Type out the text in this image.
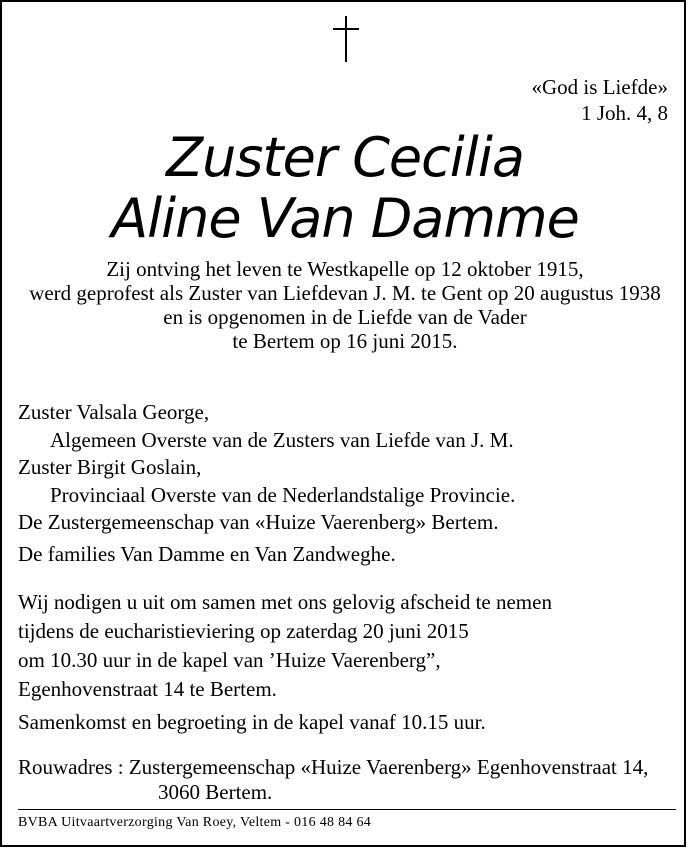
«God is Liefde»
1 Joh. 4, 8
Zuster Cecilia
Aline Van Damme
Zij ontving het leven te Westkapelle op 12 oktober 1915,
werd geprofest als Zuster van Liefdevan J. M. te Gent op 20 augustus 1938
en is opgenomen in de Liefde van de Vader
te Bertem op 16 juni 2015.
Zuster Valsala George,
Algemeen Overste van de Zusters van Liefde van J. M.
Zuster Birgit Goslain,
Provinciaal Overste van de Nederlandstalige Provincie.
De Zustergemeenschap van «Huize Vaerenberg» Bertem.
De families Van Damme en Van Zandweghe.
Wij nodigen u uit om samen met ons gelovig afscheid te nemen
tijdens de eucharistieviering op zaterdag 20 juni 2015
om 10.30 uur in de kapel van ’Huize Vaerenberg”,
Egenhovenstraat 14 te Bertem.
Samenkomst en begroeting in de kapel vanaf 10.15 uur.
Rouwadres : Zustergemeenschap «Huize Vaerenberg» Egenhovenstraat 14,
3060 Bertem.
BVBA Uitvaartverzorging Van Roey, Veltem - 016 48 84 64
